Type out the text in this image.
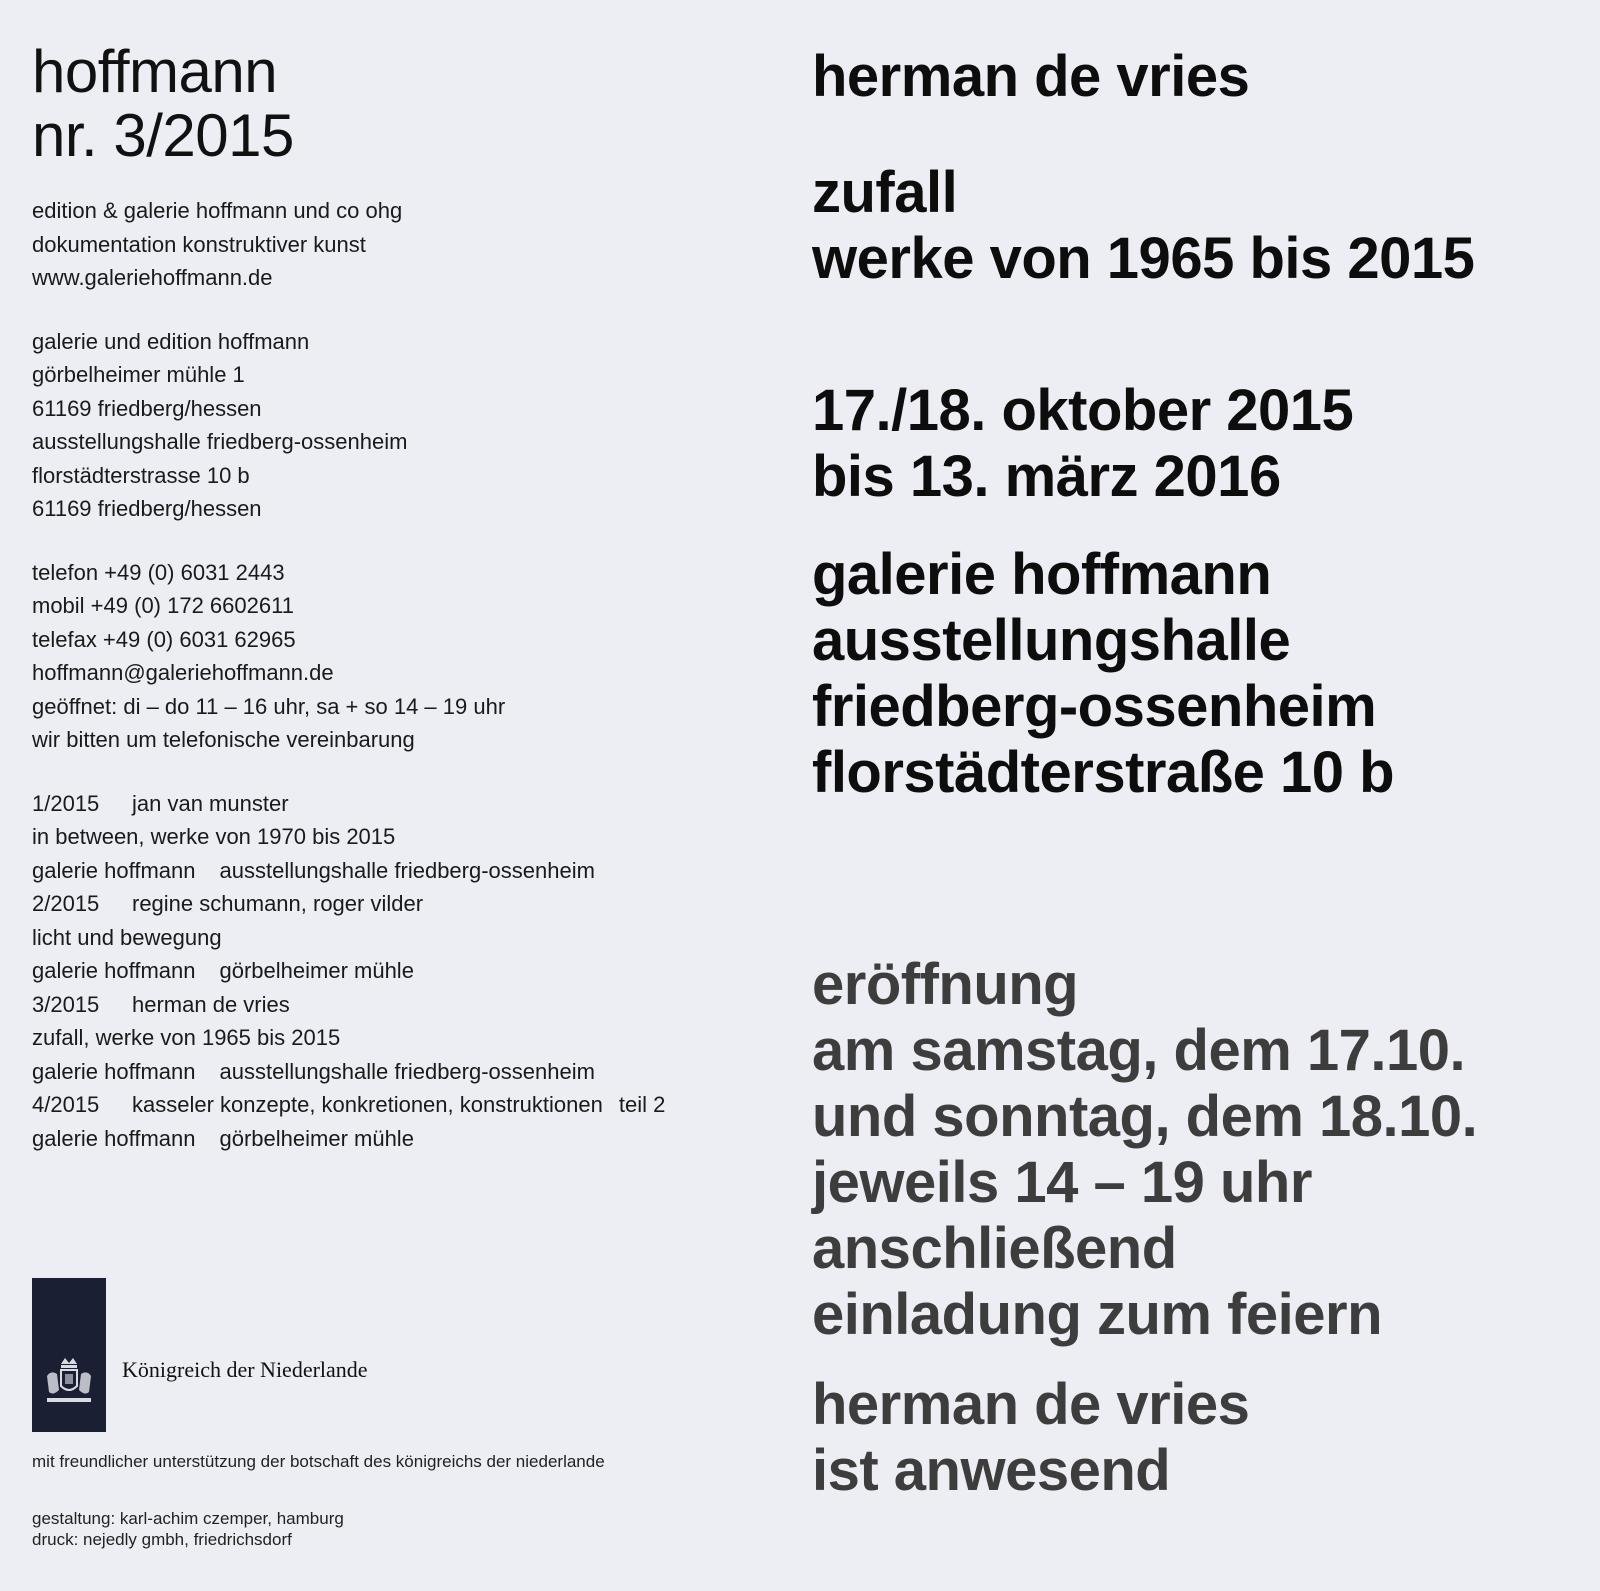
hoffmann
nr. 3/2015
edition & galerie hoffmann und co ohg
dokumentation konstruktiver kunst
www.galeriehoffmann.de
galerie und edition hoffmann
görbelheimer mühle 1
61169 friedberg/hessen
ausstellungshalle friedberg-ossenheim
florstädterstrasse 10 b
61169 friedberg/hessen
telefon +49 (0) 6031 2443
mobil +49 (0) 172 6602611
telefax +49 (0) 6031 62965
hoffmann@galeriehoffmann.de
geöffnet: di – do 11 – 16 uhr, sa + so 14 – 19 uhr
wir bitten um telefonische vereinbarung
1/2015	jan van munster
in between, werke von 1970 bis 2015
galerie hoffmann ausstellungshalle friedberg-ossenheim
2/2015	regine schumann, roger vilder
licht und bewegung
galerie hoffmann görbelheimer mühle
3/2015	herman de vries
zufall, werke von 1965 bis 2015
galerie hoffmann ausstellungshalle friedberg-ossenheim
4/2015	kasseler konzepte, konkretionen, konstruktionen teil 2
galerie hoffmann görbelheimer mühle
Königreich der Niederlande
mit freundlicher unterstützung der botschaft des königreichs der niederlande
gestaltung: karl-achim czemper, hamburg
druck: nejedly gmbh, friedrichsdorf
herman de vries
zufall
werke von 1965 bis 2015
17./18. oktober 2015
bis 13. märz 2016
galerie hoffmann
ausstellungshalle
friedberg-ossenheim
florstädterstraße 10 b
eröffnung
am samstag, dem 17.10.
und sonntag, dem 18.10.
jeweils 14 – 19 uhr
anschließend
einladung zum feiern
herman de vries
ist anwesend
